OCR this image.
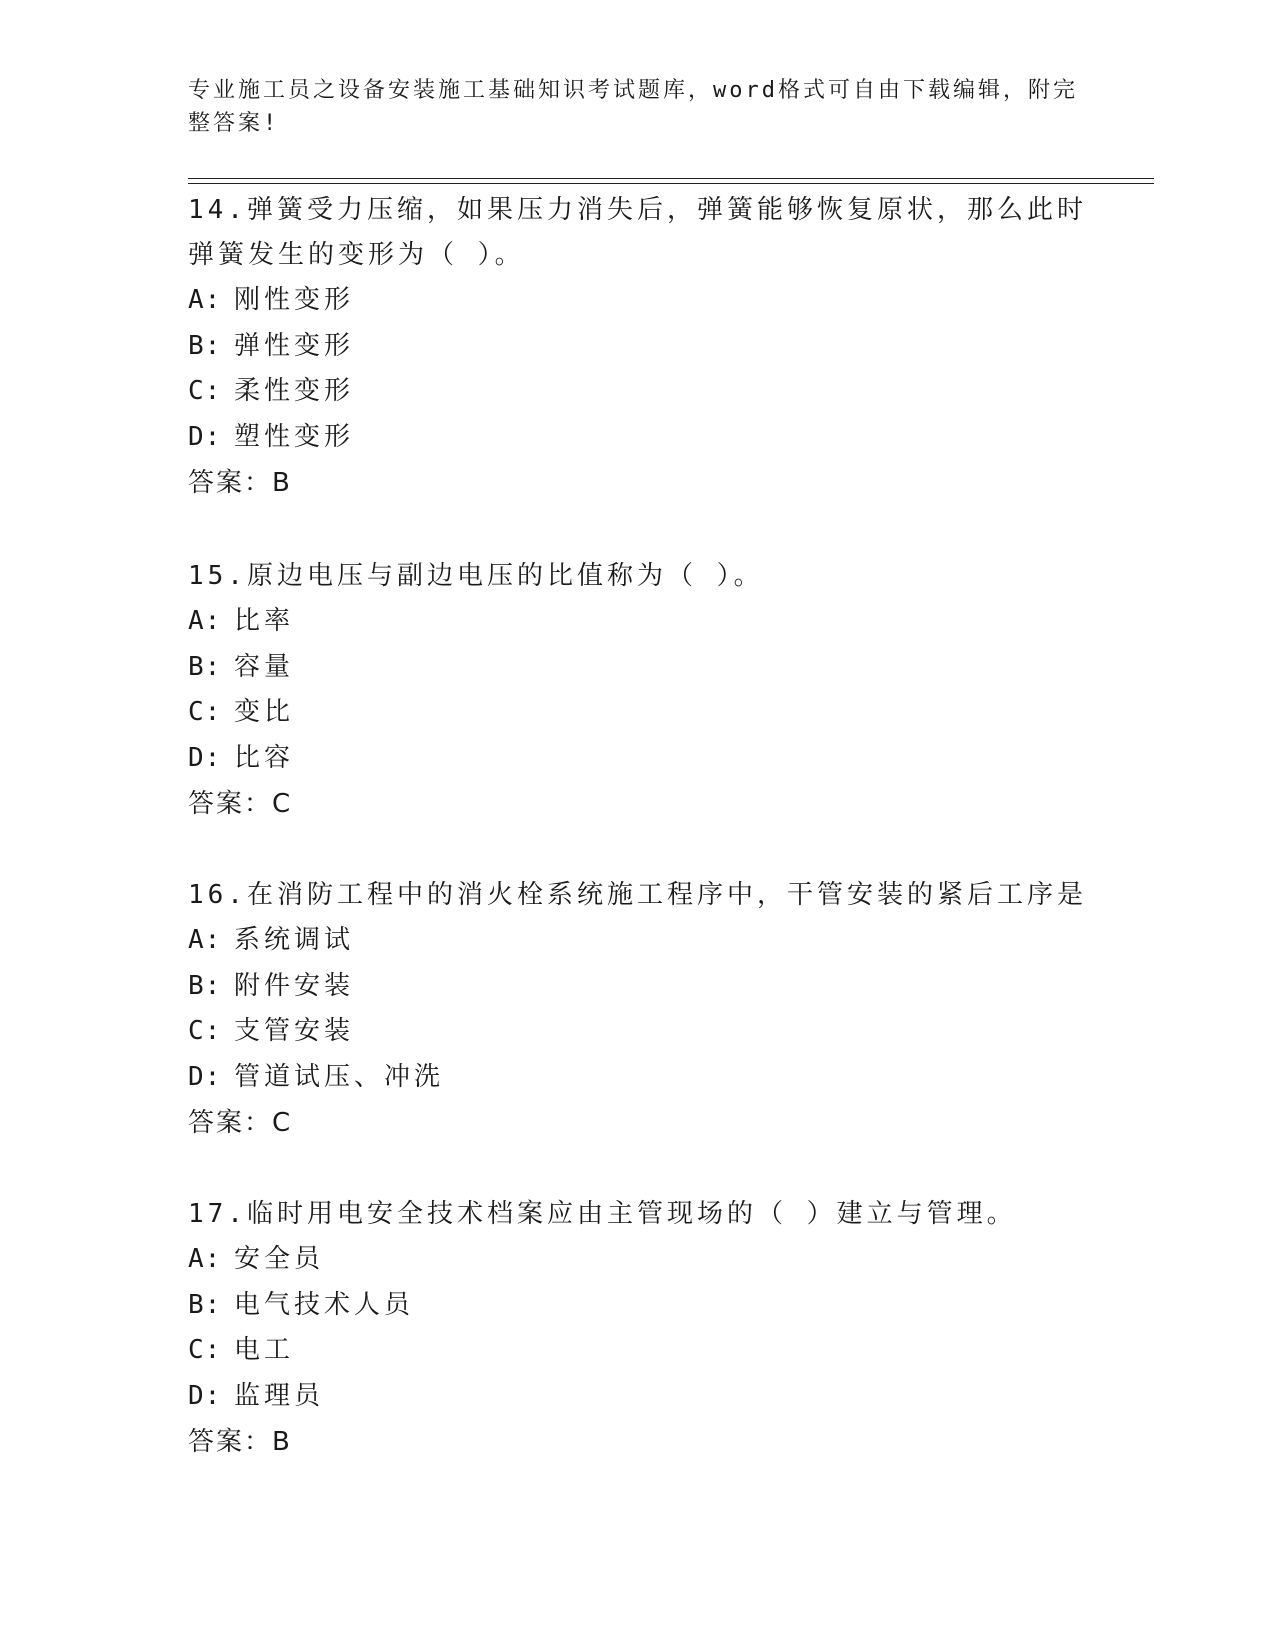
专业施工员之设备安装施工基础知识考试题库，word格式可自由下载编辑，附完整答案!
14.弹簧受力压缩，如果压力消失后，弹簧能够恢复原状，那么此时弹簧发生的变形为（ ）。
A: 刚性变形
B: 弹性变形
C: 柔性变形
D: 塑性变形
答案：B
15.原边电压与副边电压的比值称为（ ）。
A: 比率
B: 容量
C: 变比
D: 比容
答案：C
16.在消防工程中的消火栓系统施工程序中，干管安装的紧后工序是
A: 系统调试
B: 附件安装
C: 支管安装
D: 管道试压、冲洗
答案：C
17.临时用电安全技术档案应由主管现场的（ ）建立与管理。
A: 安全员
B: 电气技术人员
C: 电工
D: 监理员
答案：B
